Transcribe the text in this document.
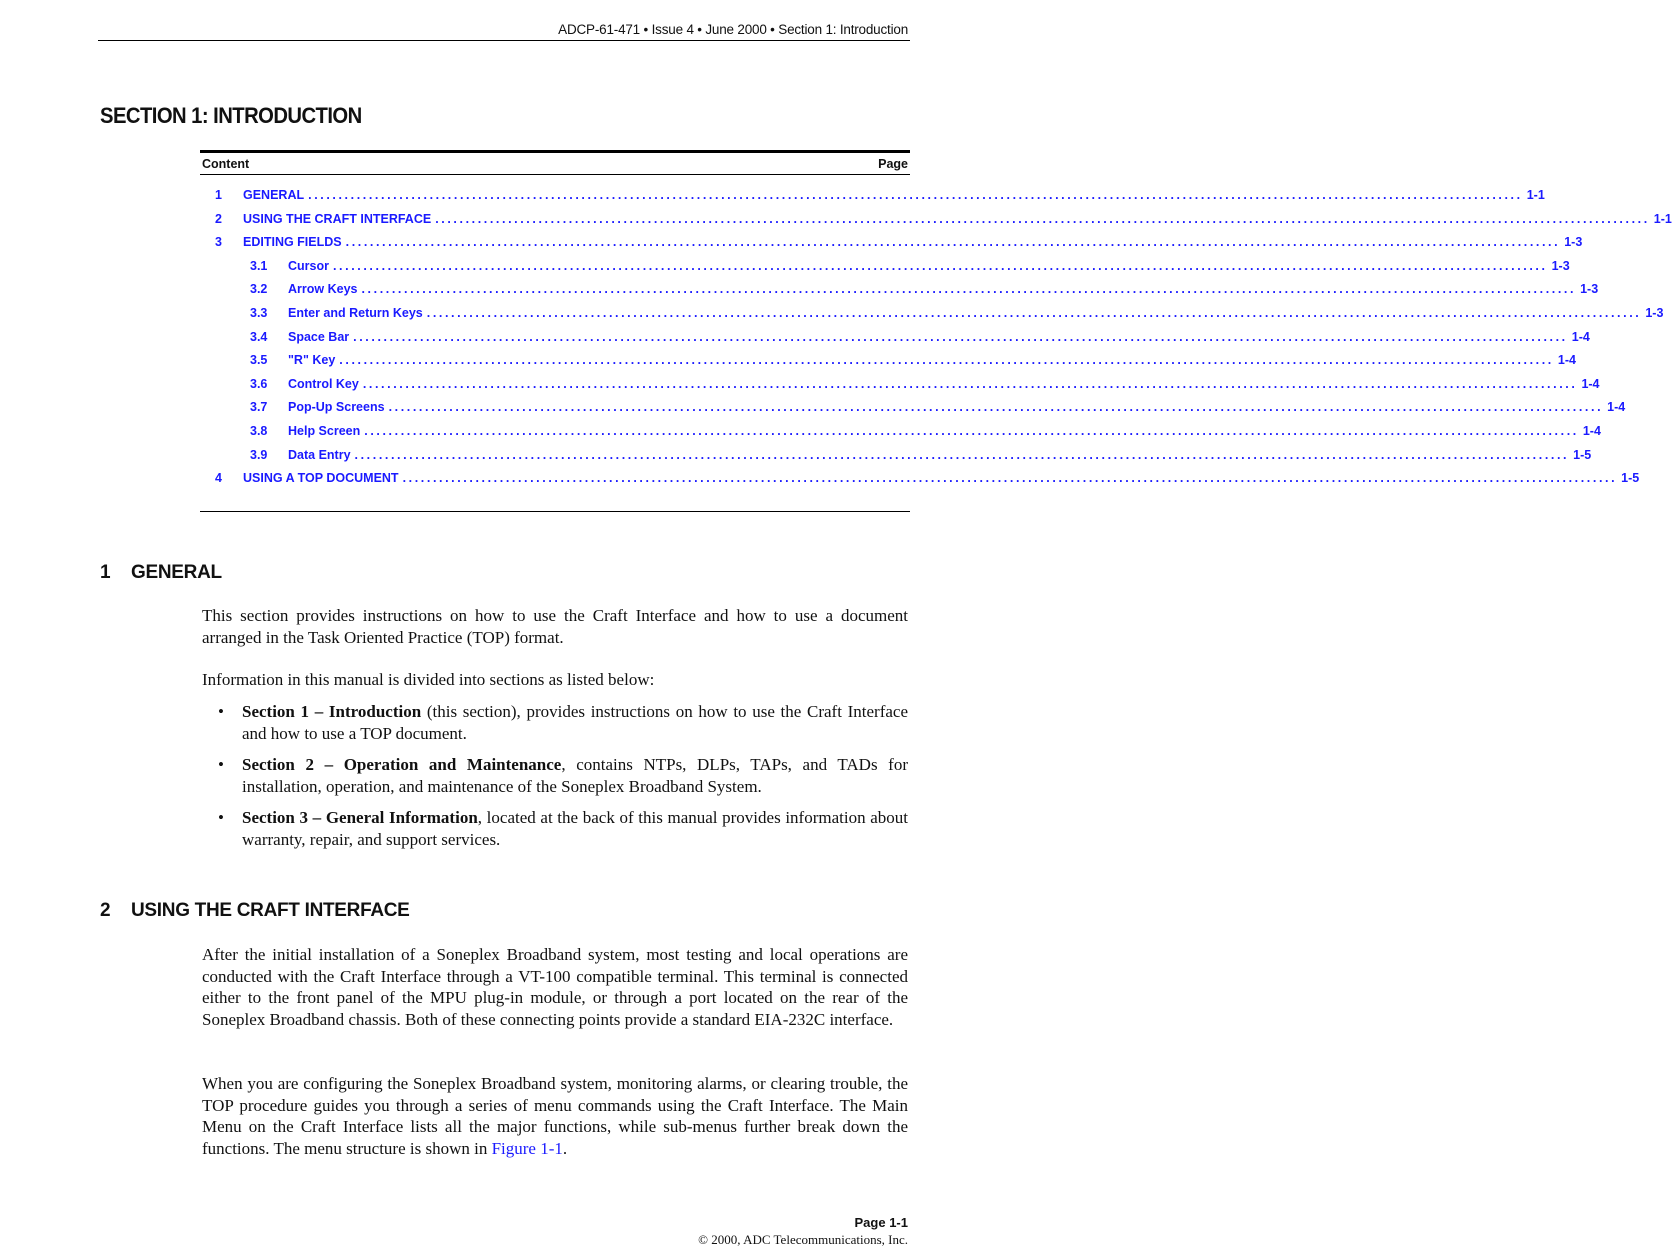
ADCP-61-471 • Issue 4 • June 2000 • Section 1: Introduction
SECTION 1: INTRODUCTION
Content	Page
1	GENERAL ........................................................................................................................................................................................................ 1-1
2	USING THE CRAFT INTERFACE ........................................................................................................................................................................................................ 1-1
3	EDITING FIELDS ........................................................................................................................................................................................................ 1-3
3.1	Cursor ........................................................................................................................................................................................................ 1-3
3.2	Arrow Keys ........................................................................................................................................................................................................ 1-3
3.3	Enter and Return Keys ........................................................................................................................................................................................................ 1-3
3.4	Space Bar ........................................................................................................................................................................................................ 1-4
3.5	"R" Key ........................................................................................................................................................................................................ 1-4
3.6	Control Key ........................................................................................................................................................................................................ 1-4
3.7	Pop-Up Screens ........................................................................................................................................................................................................ 1-4
3.8	Help Screen ........................................................................................................................................................................................................ 1-4
3.9	Data Entry ........................................................................................................................................................................................................ 1-5
4	USING A TOP DOCUMENT ........................................................................................................................................................................................................ 1-5
1 GENERAL

This section provides instructions on how to use the Craft Interface and how to use a document arranged in the Task Oriented Practice (TOP) format.

Information in this manual is divided into sections as listed below:

• Section 1 – Introduction (this section), provides instructions on how to use the Craft Interface and how to use a TOP document.
• Section 2 – Operation and Maintenance, contains NTPs, DLPs, TAPs, and TADs for installation, operation, and maintenance of the Soneplex Broadband System.
• Section 3 – General Information, located at the back of this manual provides information about warranty, repair, and support services.
2 USING THE CRAFT INTERFACE

After the initial installation of a Soneplex Broadband system, most testing and local operations are conducted with the Craft Interface through a VT-100 compatible terminal. This terminal is connected either to the front panel of the MPU plug-in module, or through a port located on the rear of the Soneplex Broadband chassis. Both of these connecting points provide a standard EIA-232C interface.

When you are configuring the Soneplex Broadband system, monitoring alarms, or clearing trouble, the TOP procedure guides you through a series of menu commands using the Craft Interface. The Main Menu on the Craft Interface lists all the major functions, while sub-menus further break down the functions. The menu structure is shown in Figure 1-1.

Page 1-1
© 2000, ADC Telecommunications, Inc.
